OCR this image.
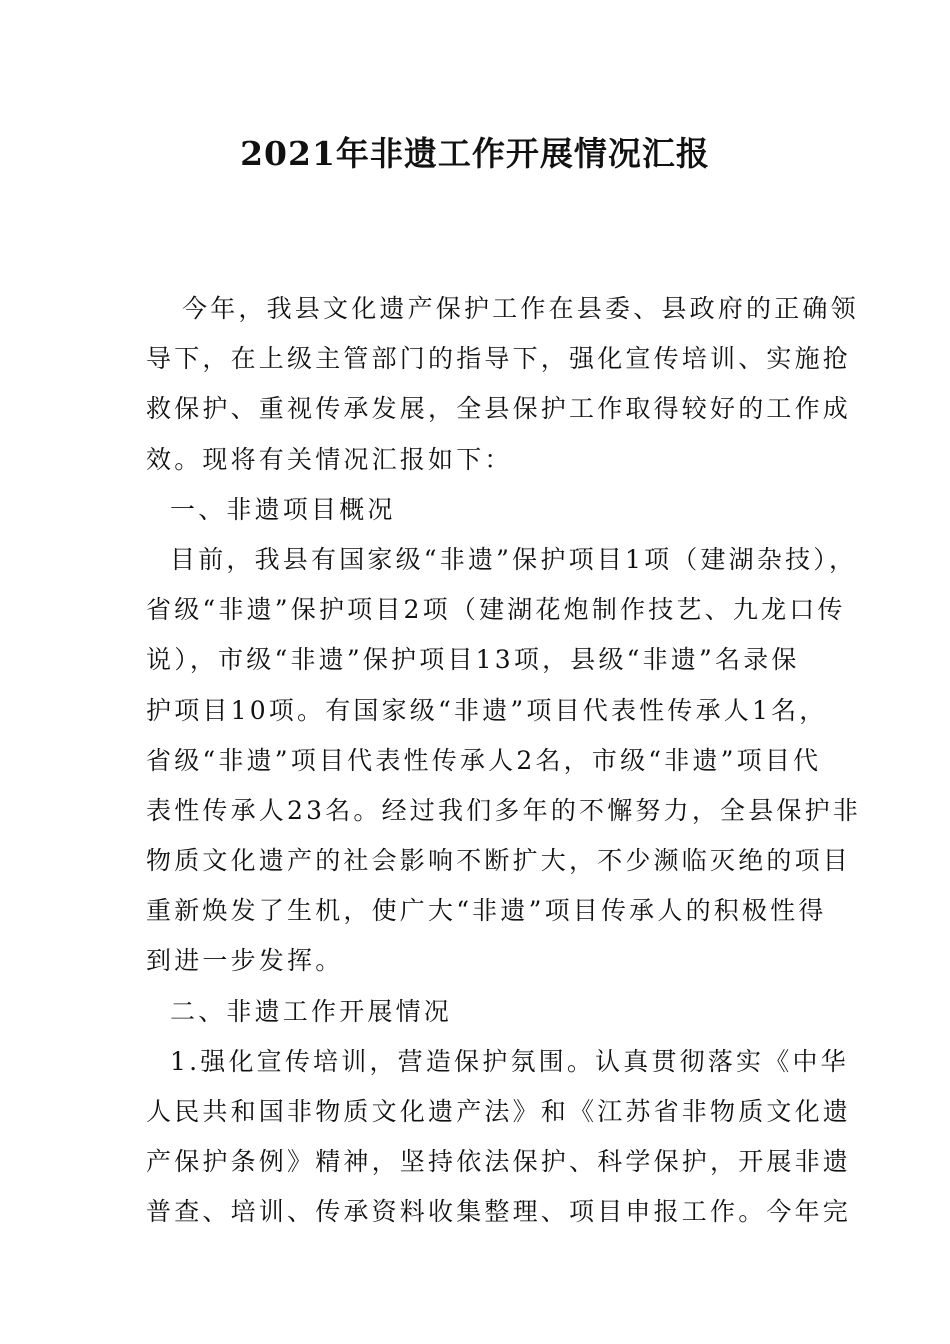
2021年非遗工作开展情况汇报
今年，我县文化遗产保护工作在县委、县政府的正确领
导下，在上级主管部门的指导下，强化宣传培训、实施抢
救保护、重视传承发展，全县保护工作取得较好的工作成
效。现将有关情况汇报如下：
一、非遗项目概况
目前，我县有国家级“非遗”保护项目1项（建湖杂技），
省级“非遗”保护项目2项（建湖花炮制作技艺、九龙口传
说），市级“非遗”保护项目13项，县级“非遗”名录保
护项目10项。有国家级“非遗”项目代表性传承人1名，
省级“非遗”项目代表性传承人2名，市级“非遗”项目代
表性传承人23名。经过我们多年的不懈努力，全县保护非
物质文化遗产的社会影响不断扩大，不少濒临灭绝的项目
重新焕发了生机，使广大“非遗”项目传承人的积极性得
到进一步发挥。
二、非遗工作开展情况
1.强化宣传培训，营造保护氛围。认真贯彻落实《中华
人民共和国非物质文化遗产法》和《江苏省非物质文化遗
产保护条例》精神，坚持依法保护、科学保护，开展非遗
普查、培训、传承资料收集整理、项目申报工作。今年完
